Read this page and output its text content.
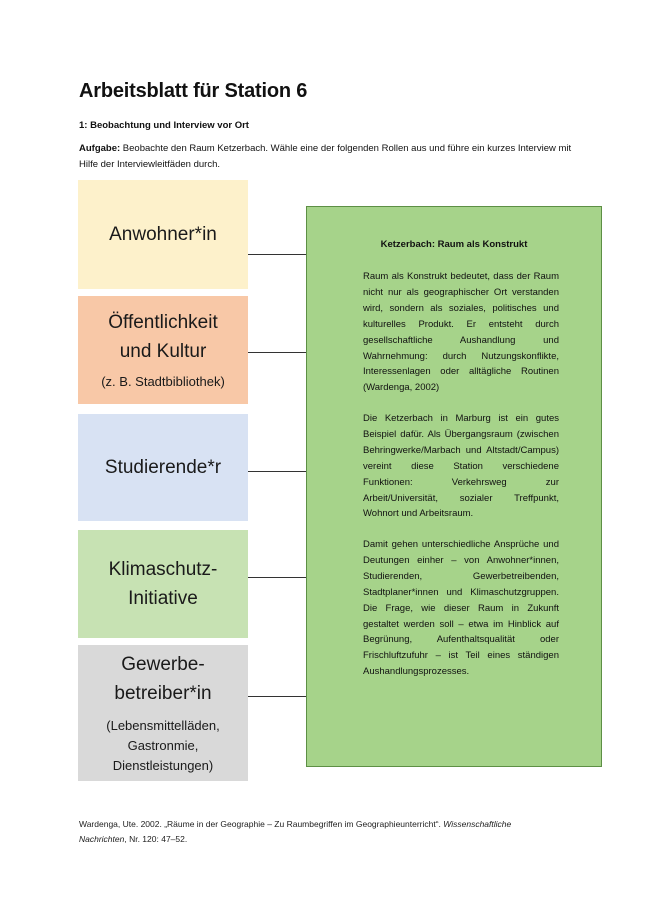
Arbeitsblatt für Station 6
1: Beobachtung und Interview vor Ort
Aufgabe: Beobachte den Raum Ketzerbach. Wähle eine der folgenden Rollen aus und führe ein kurzes Interview mit Hilfe der Interviewleitfäden durch.
Anwohner*in
Öffentlichkeit
und Kultur
(z. B. Stadtbibliothek)
Studierende*r
Klimaschutz-
Initiative
Gewerbe-
betreiber*in
(Lebensmittelläden,
Gastronmie,
Dienstleistungen)
Ketzerbach: Raum als Konstrukt

Raum als Konstrukt bedeutet, dass der Raum nicht nur als geographischer Ort verstanden wird, sondern als soziales, politisches und kulturelles Produkt. Er entsteht durch gesellschaftliche Aushandlung und Wahrnehmung: durch Nutzungskonflikte, Interessenlagen oder alltägliche Routinen (Wardenga, 2002)

Die Ketzerbach in Marburg ist ein gutes Beispiel dafür. Als Übergangsraum (zwischen Behringwerke/Marbach und Altstadt/Campus) vereint diese Station verschiedene Funktionen: Verkehrsweg zur Arbeit/Universität, sozialer Treffpunkt, Wohnort und Arbeitsraum.

Damit gehen unterschiedliche Ansprüche und Deutungen einher – von Anwohner*innen, Studierenden, Gewerbetreibenden, Stadtplaner*innen und Klimaschutzgruppen. Die Frage, wie dieser Raum in Zukunft gestaltet werden soll – etwa im Hinblick auf Begrünung, Aufenthaltsqualität oder Frischluftzufuhr – ist Teil eines ständigen Aushandlungsprozesses.

Wardenga, Ute. 2002. „Räume in der Geographie – Zu Raumbegriffen im Geographieunterricht“. Wissenschaftliche Nachrichten, Nr. 120: 47–52.
